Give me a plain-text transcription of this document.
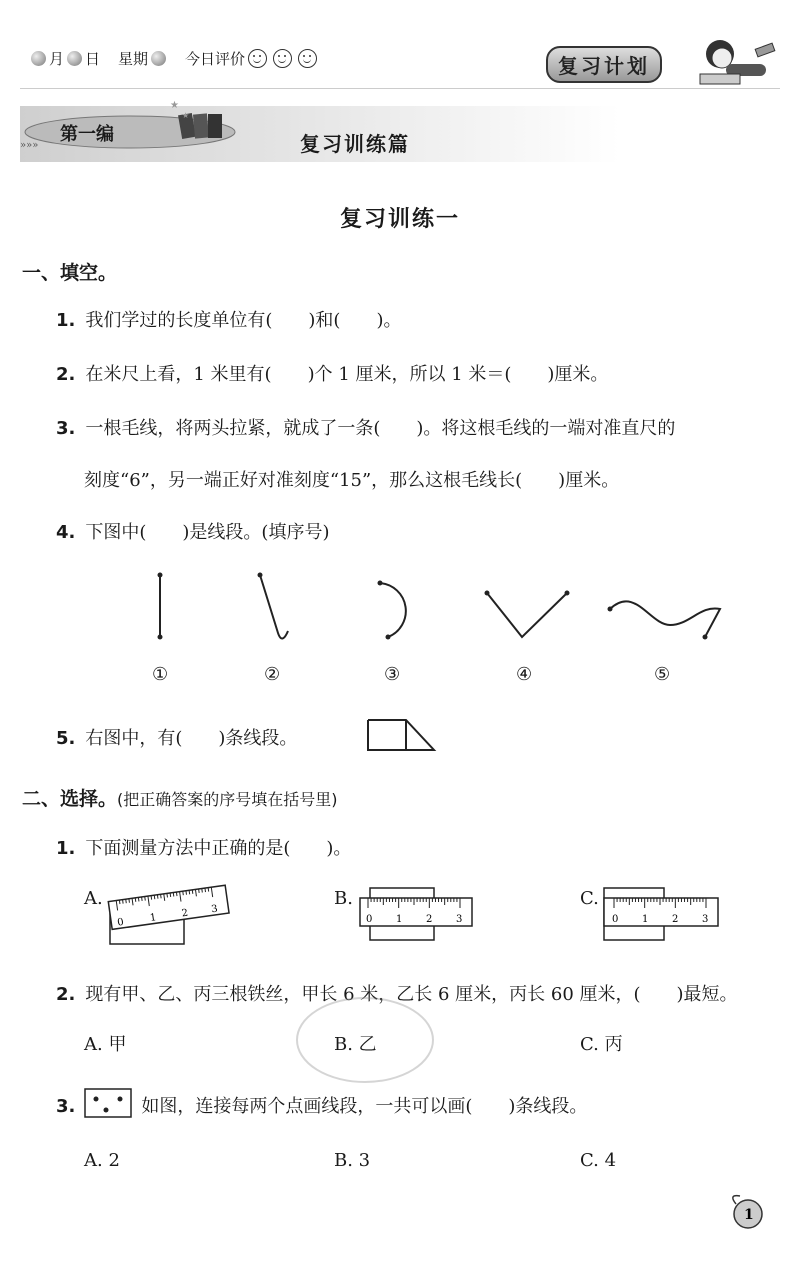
月 日 星期 今日评价	复习计划
★
★
»»»
第一编	复习训练篇
复习训练一
一、填空。
1. 我们学过的长度单位有(　　)和(　　)。
2. 在米尺上看，1 米里有(　　)个 1 厘米，所以 1 米＝(　　)厘米。
3. 一根毛线，将两头拉紧，就成了一条(　　)。将这根毛线的一端对准直尺的
刻度“6”，另一端正好对准刻度“15”，那么这根毛线长(　　)厘米。
4. 下图中(　　)是线段。(填序号)
①	②	③	④	⑤
5. 右图中，有(　　)条线段。
二、选择。(把正确答案的序号填在括号里)
1. 下面测量方法中正确的是(　　)。
A.
0 1 2 3
B.
0 1 2 3
C.
0 1 2 3
2. 现有甲、乙、丙三根铁丝，甲长 6 米，乙长 6 厘米，丙长 60 厘米，(　　)最短。
A. 甲	B. 乙	C. 丙
3.	如图，连接每两个点画线段，一共可以画(　　)条线段。
A. 2	B. 3	C. 4
1
